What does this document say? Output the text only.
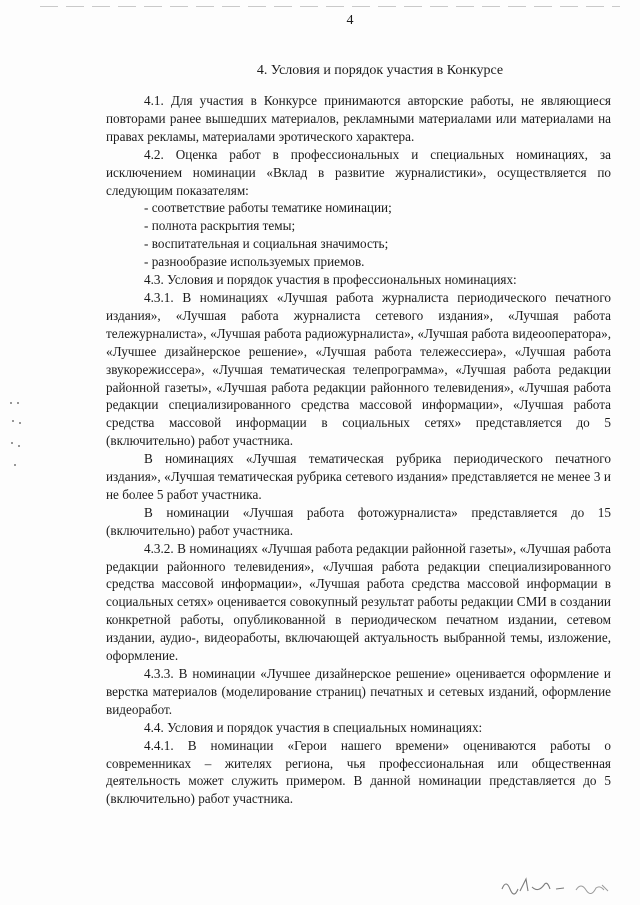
4
4. Условия и порядок участия в Конкурсе

4.1. Для участия в Конкурсе принимаются авторские работы, не являющиеся повторами ранее вышедших материалов, рекламными материалами или материалами на правах рекламы, материалами эротического характера.

4.2. Оценка работ в профессиональных и специальных номинациях, за исключением номинации «Вклад в развитие журналистики», осуществляется по следующим показателям:

- соответствие работы тематике номинации;

- полнота раскрытия темы;

- воспитательная и социальная значимость;

- разнообразие используемых приемов.

4.3. Условия и порядок участия в профессиональных номинациях:

4.3.1. В номинациях «Лучшая работа журналиста периодического печатного издания», «Лучшая работа журналиста сетевого издания», «Лучшая работа тележурналиста», «Лучшая работа радиожурналиста», «Лучшая работа видеооператора», «Лучшее дизайнерское решение», «Лучшая работа тележессиера», «Лучшая работа звукорежиссера», «Лучшая тематическая телепрограмма», «Лучшая работа редакции районной газеты», «Лучшая работа редакции районного телевидения», «Лучшая работа редакции специализированного средства массовой информации», «Лучшая работа средства массовой информации в социальных сетях» представляется до 5 (включительно) работ участника.

В номинациях «Лучшая тематическая рубрика периодического печатного издания», «Лучшая тематическая рубрика сетевого издания» представляется не менее 3 и не более 5 работ участника.

В номинации «Лучшая работа фотожурналиста» представляется до 15 (включительно) работ участника.

4.3.2. В номинациях «Лучшая работа редакции районной газеты», «Лучшая работа редакции районного телевидения», «Лучшая работа редакции специализированного средства массовой информации», «Лучшая работа средства массовой информации в социальных сетях» оценивается совокупный результат работы редакции СМИ в создании конкретной работы, опубликованной в периодическом печатном издании, сетевом издании, аудио-, видеоработы, включающей актуальность выбранной темы, изложение, оформление.

4.3.3. В номинации «Лучшее дизайнерское решение» оценивается оформление и верстка материалов (моделирование страниц) печатных и сетевых изданий, оформление видеоработ.

4.4. Условия и порядок участия в специальных номинациях:

4.4.1. В номинации «Герои нашего времени» оцениваются работы о современниках – жителях региона, чья профессиональная или общественная деятельность может служить примером. В данной номинации представляется до 5 (включительно) работ участника.
